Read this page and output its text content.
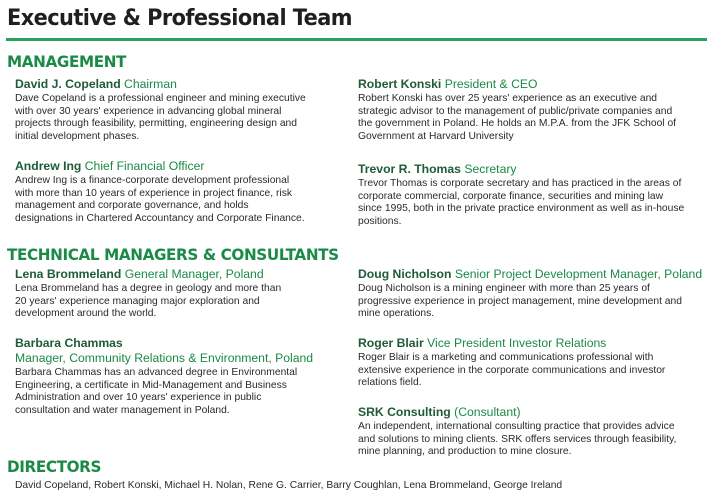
Executive & Professional Team
MANAGEMENT
David J. Copeland Chairman
Dave Copeland is a professional engineer and mining executive
with over 30 years' experience in advancing global mineral
projects through feasibility, permitting, engineering design and
initial development phases.
Robert Konski President & CEO
Robert Konski has over 25 years' experience as an executive and
strategic advisor to the management of public/private companies and
the government in Poland. He holds an M.P.A. from the JFK School of
Government at Harvard University
Andrew Ing Chief Financial Officer
Andrew Ing is a finance-corporate development professional
with more than 10 years of experience in project finance, risk
management and corporate governance, and holds
designations in Chartered Accountancy and Corporate Finance.
Trevor R. Thomas Secretary
Trevor Thomas is corporate secretary and has practiced in the areas of
corporate commercial, corporate finance, securities and mining law
since 1995, both in the private practice environment as well as in-house
positions.
TECHNICAL MANAGERS & CONSULTANTS
Lena Brommeland General Manager, Poland
Lena Brommeland has a degree in geology and more than
20 years' experience managing major exploration and
development around the world.
Doug Nicholson Senior Project Development Manager, Poland
Doug Nicholson is a mining engineer with more than 25 years of
progressive experience in project management, mine development and
mine operations.
Barbara Chammas
Manager, Community Relations & Environment, Poland
Barbara Chammas has an advanced degree in Environmental
Engineering, a certificate in Mid-Management and Business
Administration and over 10 years' experience in public
consultation and water management in Poland.
Roger Blair Vice President Investor Relations
Roger Blair is a marketing and communications professional with
extensive experience in the corporate communications and investor
relations field.
SRK Consulting (Consultant)
An independent, international consulting practice that provides advice
and solutions to mining clients. SRK offers services through feasibility,
mine planning, and production to mine closure.
DIRECTORS
David Copeland, Robert Konski, Michael H. Nolan, Rene G. Carrier, Barry Coughlan, Lena Brommeland, George Ireland
